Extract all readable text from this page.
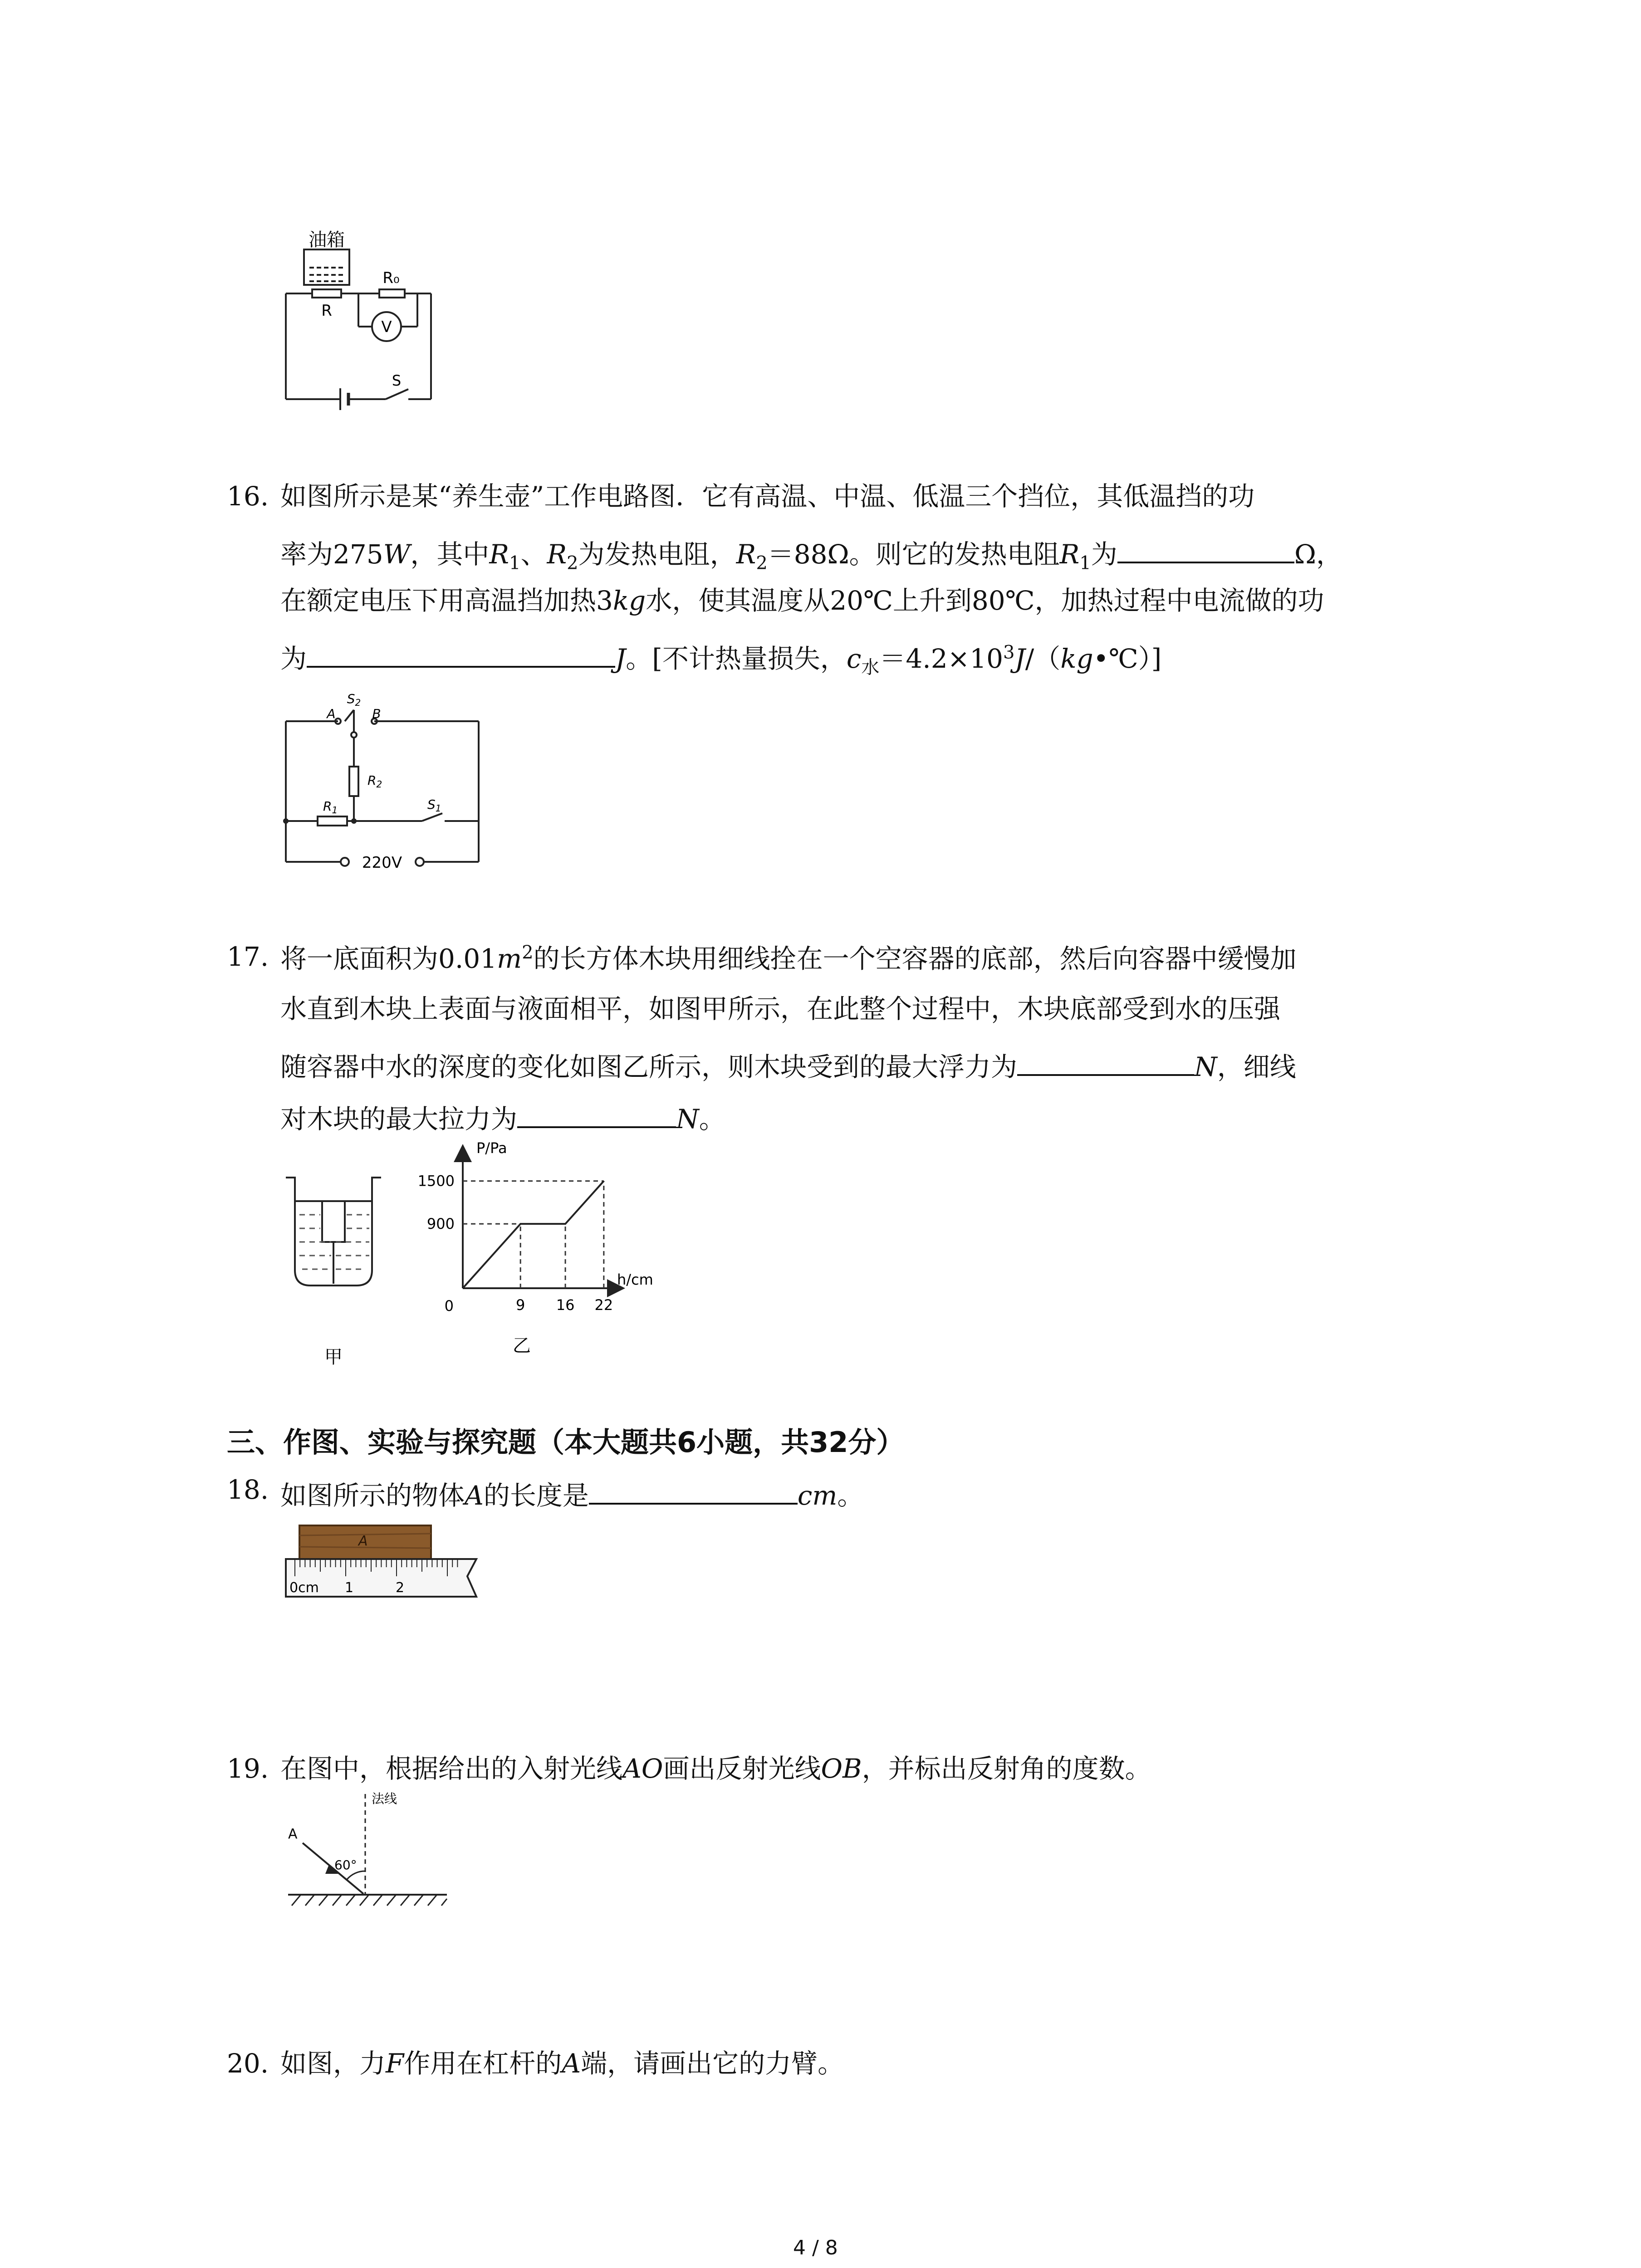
油箱
R₀
R
V
S
16. 如图所示是某“养生壶”工作电路图．它有高温、中温、低温三个挡位，其低温挡的功
率为275W，其中$R_1$、$R_2$为发热电阻，$R_2=88\Omega$。则它的发热电阻$R_1$为	Ω，
在额定电压下用高温挡加热3kg水，使其温度从20℃上升到80℃，加热过程中电流做的功
为	J。[不计热量损失，$c_水=4.2\times 10^3J/(kg•℃)$]
$S_2$
A	B
$R_2$
$R_1$	$S_1$
220V
17. 将一底面积为$0.01m^2$的长方体木块用细线拴在一个空容器的底部，然后向容器中缓慢加
水直到木块上表面与液面相平，如图甲所示，在此整个过程中，木块底部受到水的压强
随容器中水的深度的变化如图乙所示，则木块受到的最大浮力为	N，细线
对木块的最大拉力为	N。
甲
P/Pa
h/cm
0	9 16 22
900
1500
乙
三、作图、实验与探究题（本大题共6小题，共32分）
18. 如图所示的物体A的长度是	cm。
A
0cm 1	2
19. 在图中，根据给出的入射光线AO画出反射光线OB，并标出反射角的度数。
法线
A
60°
20. 如图，力F作用在杠杆的A端，请画出它的力臂。
4 / 8
